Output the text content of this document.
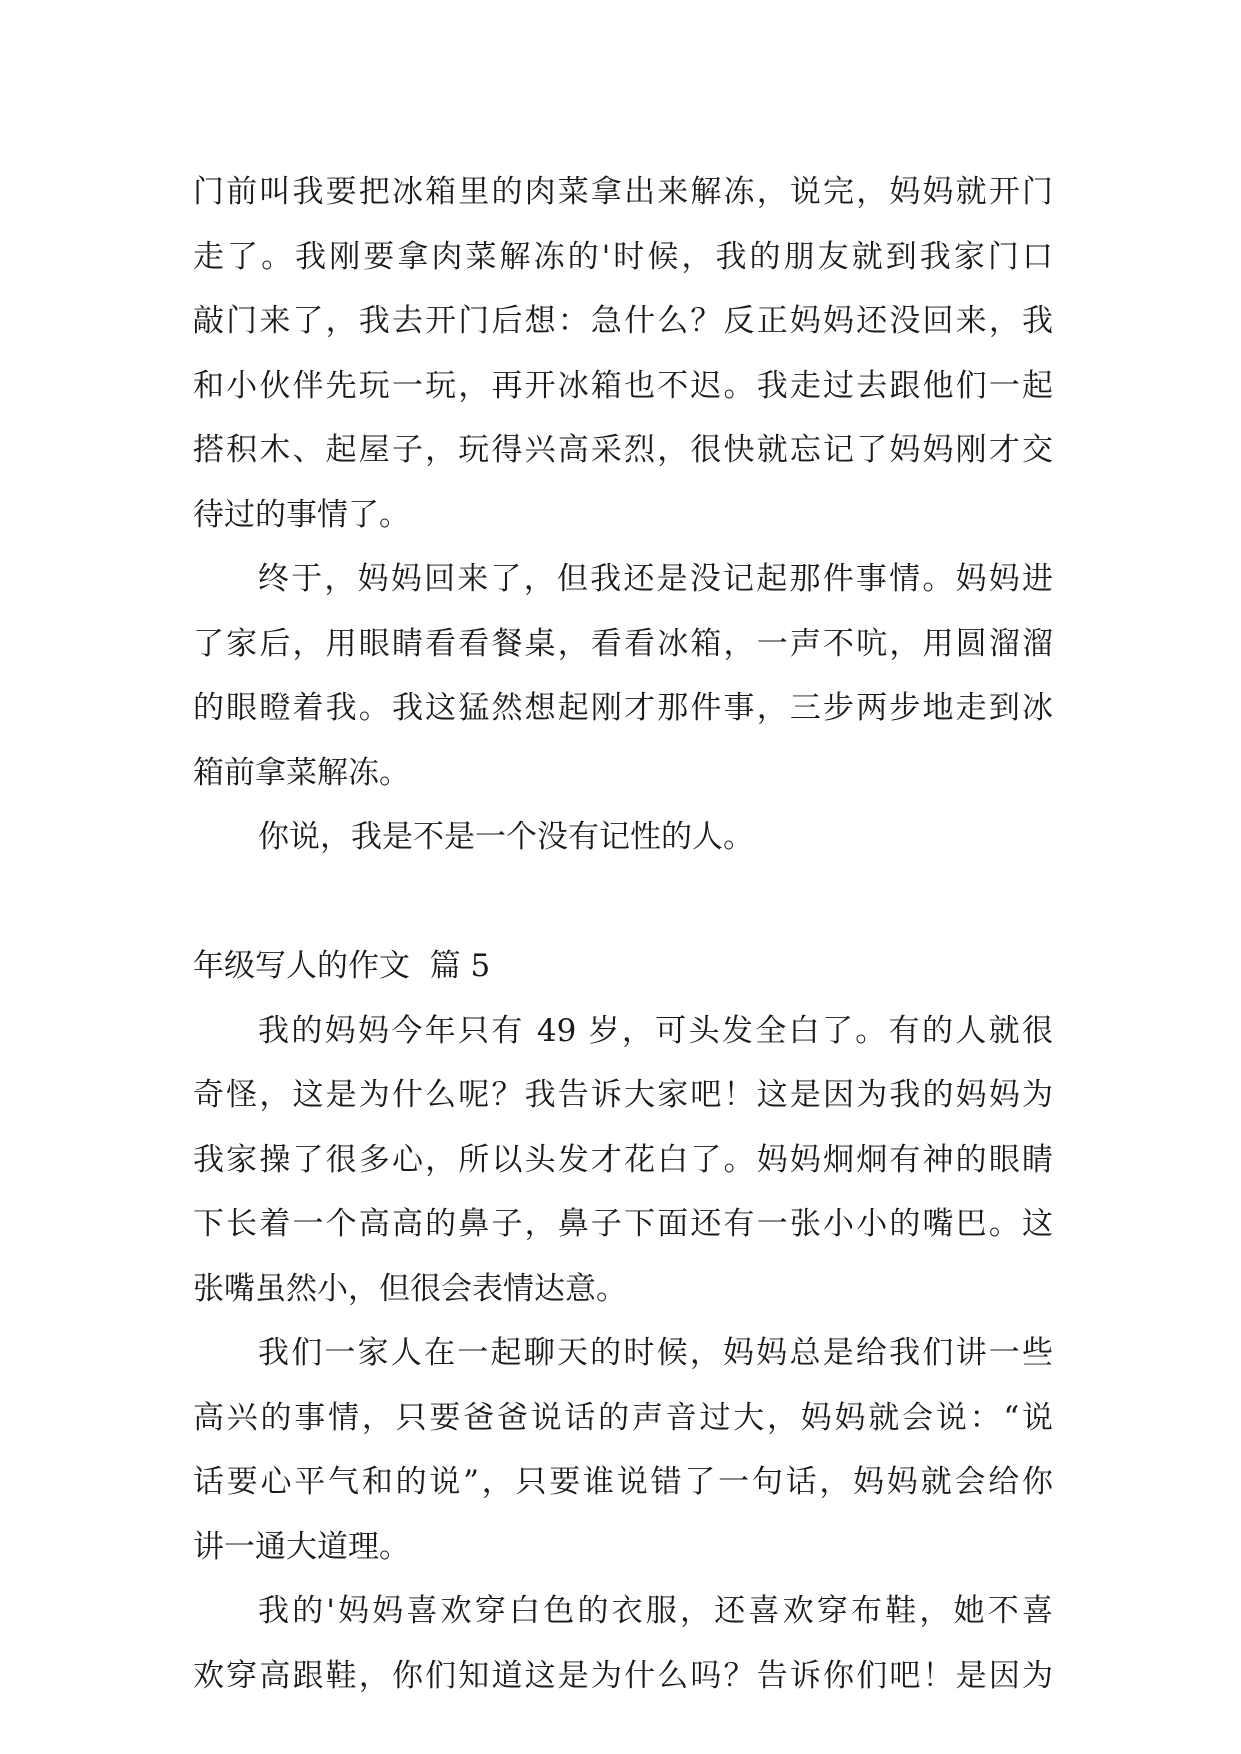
门前叫我要把冰箱里的肉菜拿出来解冻，说完，妈妈就开门
走了。我刚要拿肉菜解冻的'时候，我的朋友就到我家门口
敲门来了，我去开门后想：急什么？反正妈妈还没回来，我
和小伙伴先玩一玩，再开冰箱也不迟。我走过去跟他们一起
搭积木、起屋子，玩得兴高采烈，很快就忘记了妈妈刚才交
待过的事情了。

终于，妈妈回来了，但我还是没记起那件事情。妈妈进
了家后，用眼睛看看餐桌，看看冰箱，一声不吭，用圆溜溜
的眼瞪着我。我这猛然想起刚才那件事，三步两步地走到冰
箱前拿菜解冻。

你说，我是不是一个没有记性的人。

年级写人的作文  篇 5

我的妈妈今年只有 49 岁，可头发全白了。有的人就很
奇怪，这是为什么呢？我告诉大家吧！这是因为我的妈妈为
我家操了很多心，所以头发才花白了。妈妈炯炯有神的眼睛
下长着一个高高的鼻子，鼻子下面还有一张小小的嘴巴。这
张嘴虽然小，但很会表情达意。

我们一家人在一起聊天的时候，妈妈总是给我们讲一些
高兴的事情，只要爸爸说话的声音过大，妈妈就会说：“说
话要心平气和的说”，只要谁说错了一句话，妈妈就会给你
讲一通大道理。

我的'妈妈喜欢穿白色的衣服，还喜欢穿布鞋，她不喜
欢穿高跟鞋，你们知道这是为什么吗？告诉你们吧！是因为
